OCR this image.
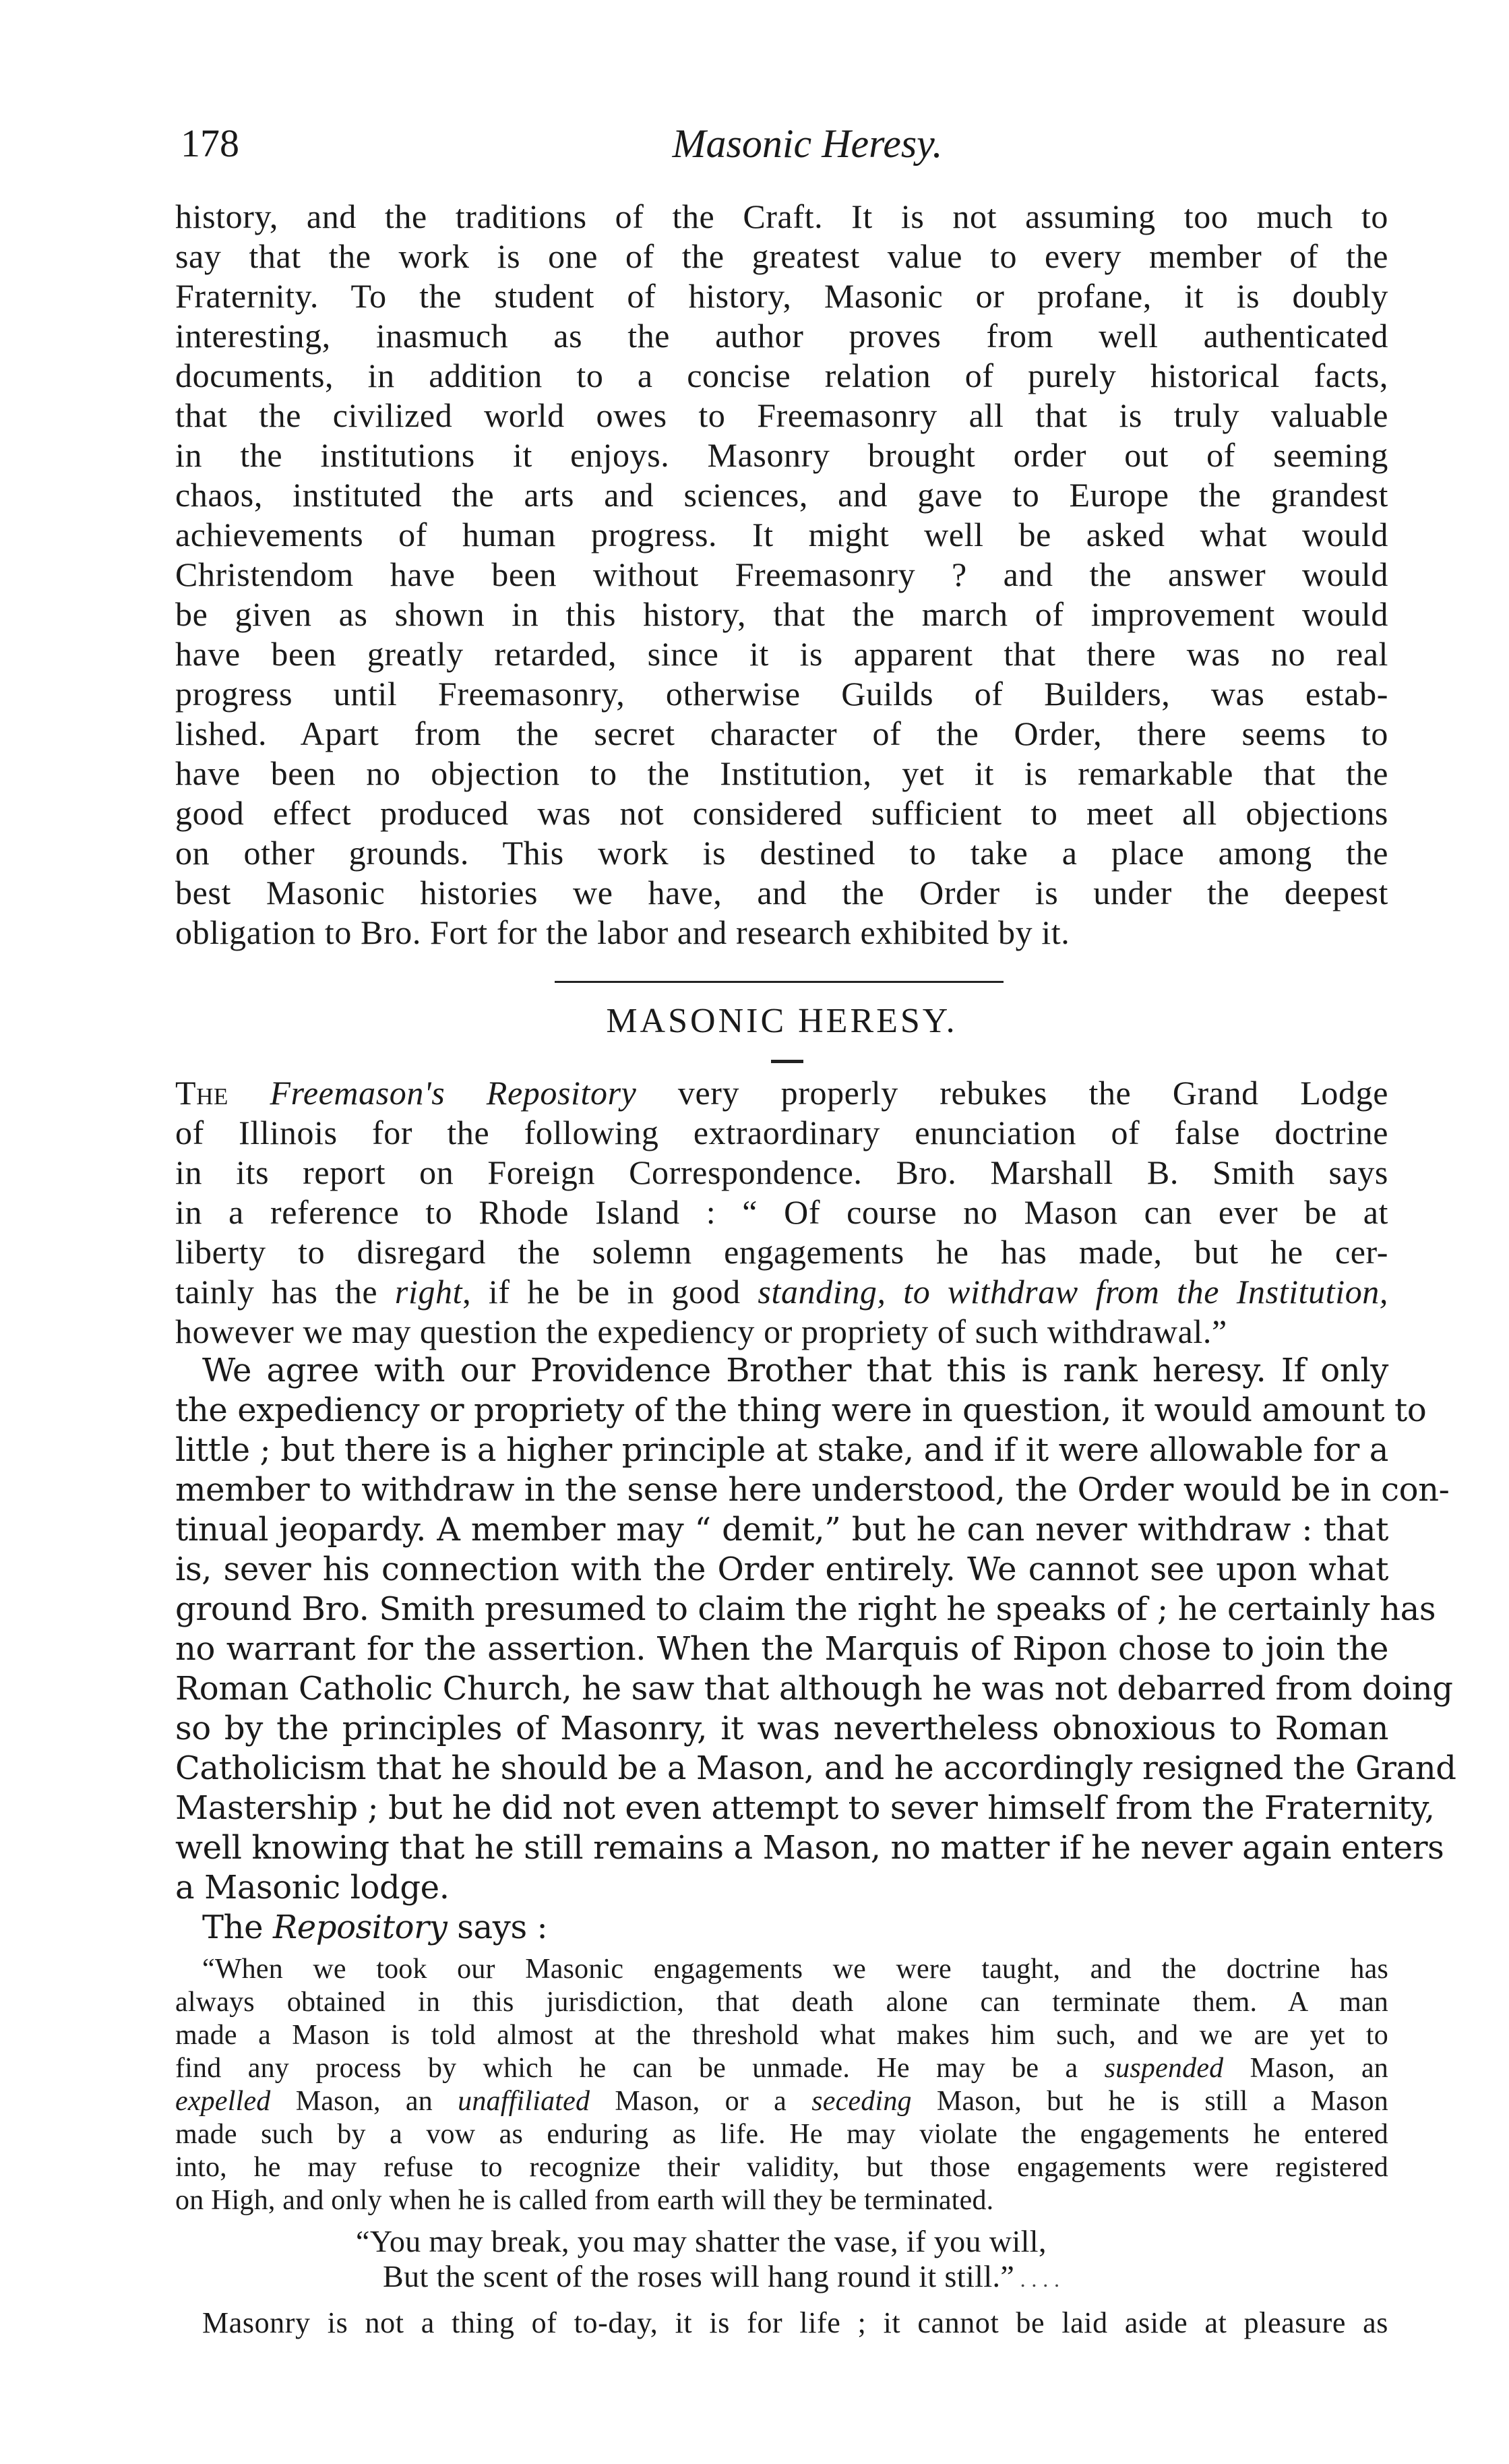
178	Masonic Heresy.
history, and the traditions of the Craft. It is not assuming too much to
say that the work is one of the greatest value to every member of the
Fraternity. To the student of history, Masonic or profane, it is doubly
interesting, inasmuch as the author proves from well authenticated
documents, in addition to a concise relation of purely historical facts,
that the civilized world owes to Freemasonry all that is truly valuable
in the institutions it enjoys. Masonry brought order out of seeming
chaos, instituted the arts and sciences, and gave to Europe the grandest
achievements of human progress. It might well be asked what would
Christendom have been without Freemasonry ? and the answer would
be given as shown in this history, that the march of improvement would
have been greatly retarded, since it is apparent that there was no real
progress until Freemasonry, otherwise Guilds of Builders, was estab-
lished. Apart from the secret character of the Order, there seems to
have been no objection to the Institution, yet it is remarkable that the
good effect produced was not considered sufficient to meet all objections
on other grounds. This work is destined to take a place among the
best Masonic histories we have, and the Order is under the deepest
obligation to Bro. Fort for the labor and research exhibited by it.
MASONIC HERESY.
The Freemason's Repository very properly rebukes the Grand Lodge
of Illinois for the following extraordinary enunciation of false doctrine
in its report on Foreign Correspondence. Bro. Marshall B. Smith says
in a reference to Rhode Island : “ Of course no Mason can ever be at
liberty to disregard the solemn engagements he has made, but he cer-
tainly has the right, if he be in good standing, to withdraw from the Institution,
however we may question the expediency or propriety of such withdrawal.”
We agree with our Providence Brother that this is rank heresy. If only
the expediency or propriety of the thing were in question, it would amount to
little ; but there is a higher principle at stake, and if it were allowable for a
member to withdraw in the sense here understood, the Order would be in con-
tinual jeopardy. A member may “ demit,” but he can never withdraw : that
is, sever his connection with the Order entirely. We cannot see upon what
ground Bro. Smith presumed to claim the right he speaks of ; he certainly has
no warrant for the assertion. When the Marquis of Ripon chose to join the
Roman Catholic Church, he saw that although he was not debarred from doing
so by the principles of Masonry, it was nevertheless obnoxious to Roman
Catholicism that he should be a Mason, and he accordingly resigned the Grand
Mastership ; but he did not even attempt to sever himself from the Fraternity,
well knowing that he still remains a Mason, no matter if he never again enters
a Masonic lodge.
The Repository says :
“When we took our Masonic engagements we were taught, and the doctrine has
always obtained in this jurisdiction, that death alone can terminate them. A man
made a Mason is told almost at the threshold what makes him such, and we are yet to
find any process by which he can be unmade. He may be a suspended Mason, an
expelled Mason, an unaffiliated Mason, or a seceding Mason, but he is still a Mason
made such by a vow as enduring as life. He may violate the engagements he entered
into, he may refuse to recognize their validity, but those engagements were registered
on High, and only when he is called from earth will they be terminated.
“You may break, you may shatter the vase, if you will,
But the scent of the roses will hang round it still.” . . . .
Masonry is not a thing of to-day, it is for life ; it cannot be laid aside at pleasure as
